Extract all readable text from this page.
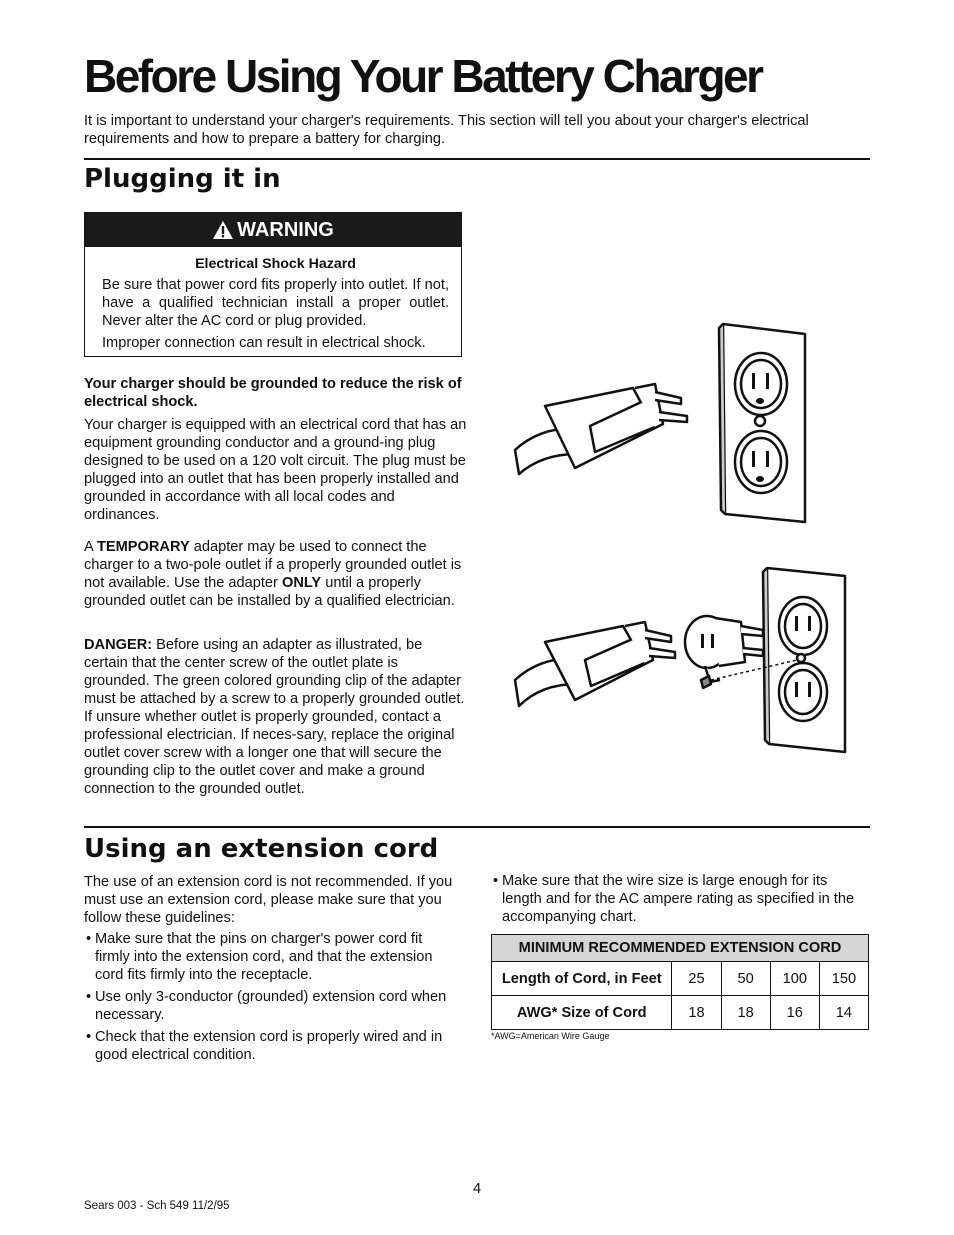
Before Using Your Battery Charger

It is important to understand your charger's requirements. This section will tell you about your charger's electrical requirements and how to prepare a battery for charging.

Plugging it in
WARNING
Electrical Shock Hazard
Be sure that power cord fits properly into outlet. If not, have a qualified technician install a proper outlet. Never alter the AC cord or plug provided.
Improper connection can result in electrical shock.

Your charger should be grounded to reduce the risk of electrical shock.

Your charger is equipped with an electrical cord that has an equipment grounding conductor and a ground-ing plug designed to be used on a 120 volt circuit. The plug must be plugged into an outlet that has been properly installed and grounded in accordance with all local codes and ordinances.

A TEMPORARY adapter may be used to connect the charger to a two-pole outlet if a properly grounded outlet is not available. Use the adapter ONLY until a properly grounded outlet can be installed by a qualified electrician.

DANGER: Before using an adapter as illustrated, be certain that the center screw of the outlet plate is grounded. The green colored grounding clip of the adapter must be attached by a screw to a properly grounded outlet. If unsure whether outlet is properly grounded, contact a professional electrician. If neces-sary, replace the original outlet cover screw with a longer one that will secure the grounding clip to the outlet cover and make a ground connection to the grounded outlet.

Using an extension cord

The use of an extension cord is not recommended. If you must use an extension cord, please make sure that you follow these guidelines:

• Make sure that the pins on charger's power cord fit firmly into the extension cord, and that the extension cord fits firmly into the receptacle.
• Use only 3-conductor (grounded) extension cord when necessary.
• Check that the extension cord is properly wired and in good electrical condition.
• Make sure that the wire size is large enough for its length and for the AC ampere rating as specified in the accompanying chart.
MINIMUM RECOMMENDED EXTENSION CORD				
Length of Cord, in Feet	25	50	100	150
AWG* Size of Cord	18	18	16	14
*AWG=American Wire Gauge
4
Sears 003 - Sch 549 11/2/95
